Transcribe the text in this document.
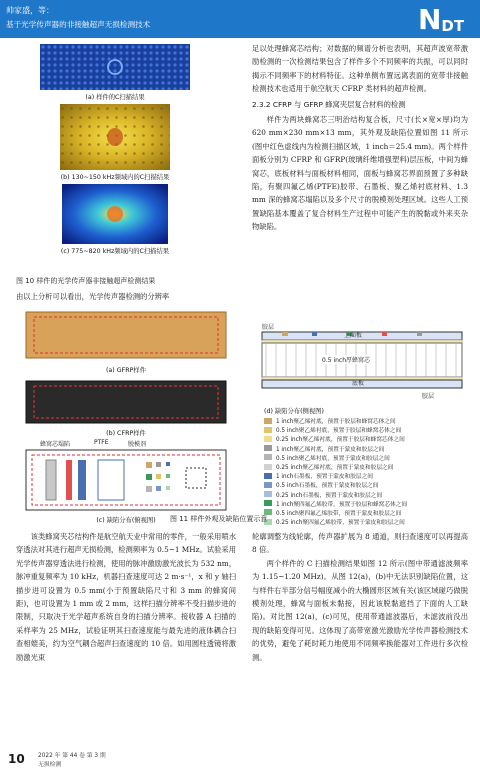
帅家盛，等：
基于光学传声器的非接触超声无损检测技术	N DT
(a) 样件的C扫描结果
(b) 130~150 kHz频域内的C扫描结果
(c) 775~820 kHz频域内的C扫描结果
图 10 样件的光学传声器非接触超声检测结果

由以上分析可以看出，光学传声器检测的分辨率

足以处理蜂窝芯结构；对数据的频谱分析也表明，其超声波宽带激励检测的一次检测结果包含了样件多个不同频率的共振，可以同时揭示不同频率下的材料特征。这种单侧布置远离表面的宽带非接触检测技术也适用于航空航天 CFRP 类材料的超声检测。

2.3.2 CFRP 与 GFRP 蜂窝夹层复合材料的检测

样件为两块蜂窝芯三明治结构复合板，尺寸(长×宽×厚)均为 620 mm×230 mm×13 mm，其外观及缺陷位置如图 11 所示(图中红色虚线内为检测扫描区域，1 inch＝25.4 mm)。两个样件面板分别为 CFRP 和 GFRP(玻璃纤维增强塑料)层压板，中间为蜂窝芯，底板材料与面板材料相同，面板与蜂窝芯界面预置了多种缺陷，有聚四氟乙烯(PTFE)胶带、石墨板、聚乙烯衬底材料、1.3 mm 深的蜂窝芯塌陷以及多个尺寸的脱模剂处理区域。这些人工预置缺陷基本覆盖了复合材料生产过程中可能产生的脱黏或外来夹杂物缺陷。

(a) GFRP样件
(b) CFRP样件
蜂窝芯塌陷	PTFE	脱模剂
(c) 缺陷分布(俯视图)
胶层
上面板
0.5 inch厚蜂窝芯
底板
胶层
(d) 缺陷分布(侧视图)
1 inch聚乙烯衬底，预置于胶层和蜂窝芯体之间
0.5 inch聚乙烯衬底，预置于胶层和蜂窝芯体之间
0.25 inch聚乙烯衬底，预置于胶层和蜂窝芯体之间
1 inch聚乙烯衬底，预置于蒙皮和胶层之间
0.5 inch聚乙烯衬底，预置于蒙皮和胶层之间
0.25 inch聚乙烯衬底，预置于蒙皮和胶层之间
1 inch石墨板，预置于蒙皮和胶层之间
0.5 inch石墨板，预置于蒙皮和胶层之间
0.25 inch石墨板，预置于蒙皮和胶层之间
1 inch聚四氟乙烯胶带，预置于胶层和蜂窝芯体之间
0.5 inch聚四氟乙烯胶带，预置于蒙皮和胶层之间
0.25 inch聚四氟乙烯胶带，预置于蒙皮和胶层之间
图 11 样件外观及缺陷位置示意

该类蜂窝夹芯结构件是航空航天业中常用的零件，一般采用喷水穿透法对其进行超声无损检测，检测频率为 0.5~1 MHz。试验采用光学传声器穿透法进行检测，使用的脉冲激励激光波长为 532 nm，脉冲重复频率为 10 kHz，机器扫查速度可达 2 m·s⁻¹，x 和 y 轴扫描步进可设置为 0.5 mm(小于预置缺陷尺寸和 3 mm 的蜂窝间距)，也可设置为 1 mm 或 2 mm，这样扫描分辨率不受扫描步进的限制，只取决于光学超声系统自身的扫描分辨率。接收器 A 扫描的采样率为 25 MHz，试验证明其扫查速度能与最先进的液体耦合扫查相媲美，约为空气耦合超声扫查速度的 10 倍。如用圆柱透镜将激励激光束

轮廓调整为线轮廓，传声器扩展为 8 通道，则扫查速度可以再提高 8 倍。

两个样件的 C 扫描检测结果如图 12 所示(图中带通滤波频率为 1.15~1.20 MHz)。从图 12(a)，(b)中无法识别缺陷位置，这与样件右半部分信号幅度减小的大椭圆形区域有关(该区域碰巧做脱模剂处理，蜂窝与面板未黏接，因此该脱黏遮挡了下面的人工缺陷)。对比图 12(a)，(c)可见，使用带通滤波器后，未滤波前没出现的缺陷变得可见。这体现了高带宽激光激励光学传声器检测技术的优势，避免了耗时耗力地使用不同频率换能器对工件进行多次检测。

10 2022 年 第 44 卷 第 3 期
无损检测
